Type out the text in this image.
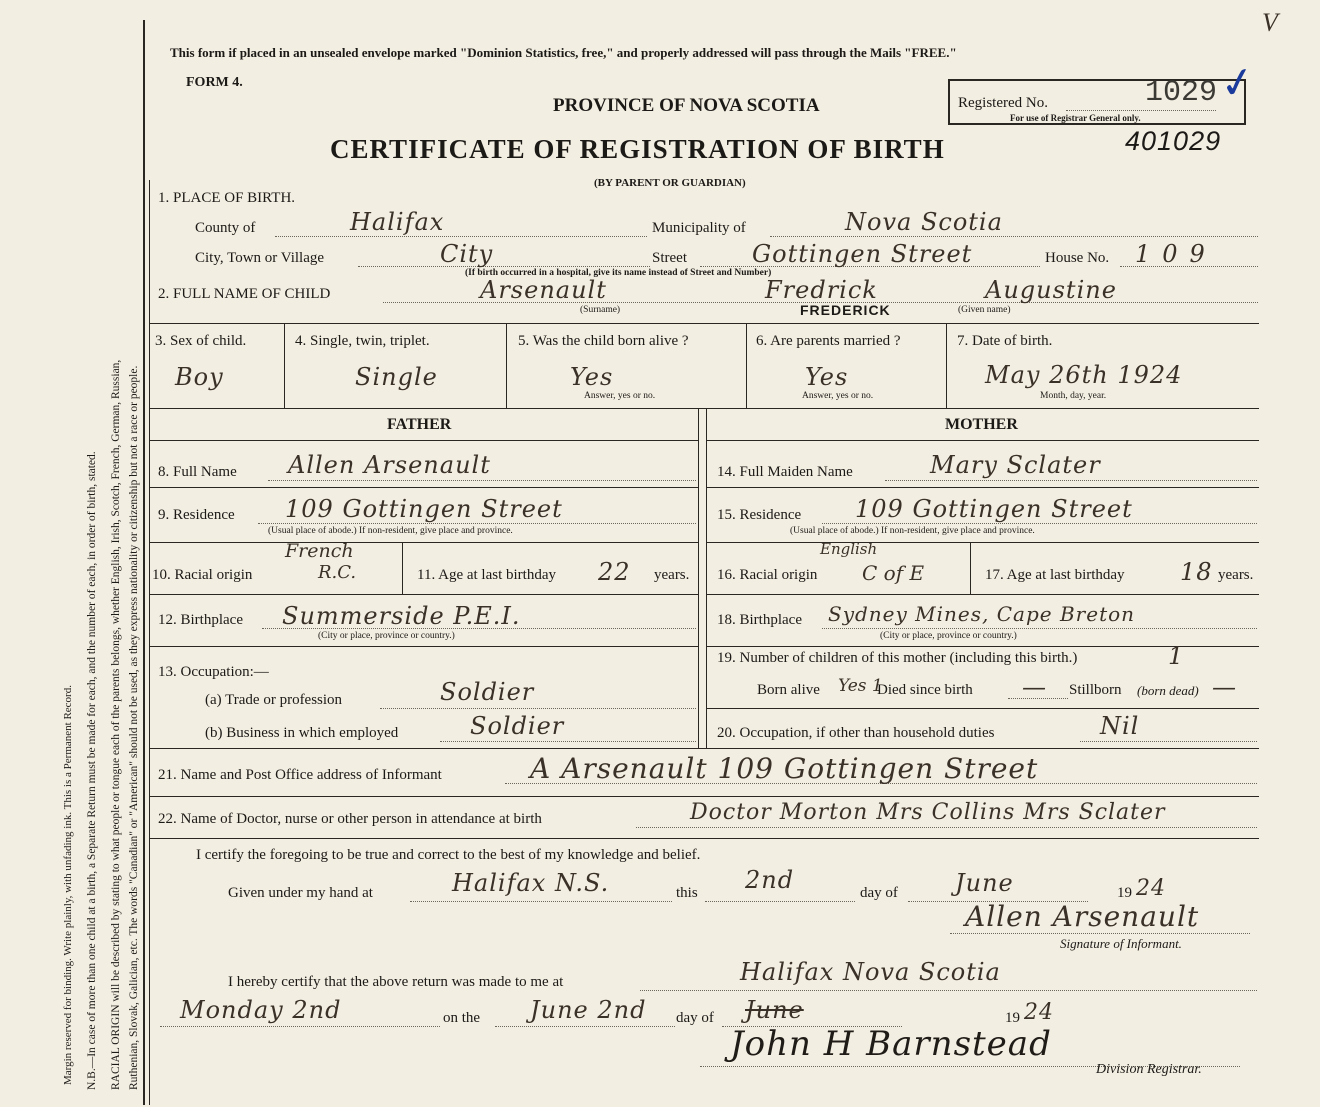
Margin reserved for binding. Write plainly, with unfading ink. This is a Permanent Record. N.B.—In case of more than one child at a birth, a Separate Return must be made for each, and the number of each, in order of birth, stated. RACIAL ORIGIN will be described by stating to what people or tongue each of the parents belongs, whether English, Irish, Scotch, French, German, Russian, Ruthenian, Slovak, Galician, etc. The words "Canadian" or "American" should not be used, as they express nationality or citizenship but not a race or people.
This form if placed in an unsealed envelope marked "Dominion Statistics, free," and properly addressed will pass through the Mails "FREE."
FORM 4.
PROVINCE OF NOVA SCOTIA
CERTIFICATE OF REGISTRATION OF BIRTH
(BY PARENT OR GUARDIAN)
Registered No.	1029
For use of Registrar General only.
401029
✓
V
1. PLACE OF BIRTH.
County of	Halifax	Municipality of	Nova Scotia
City, Town or Village	City	Street	Gottingen Street	House No. 109
(If birth occurred in a hospital, give its name instead of Street and Number)
2. FULL NAME OF CHILD	Arsenault
(Surname)
Fredrick
FREDERICK
Augustine
(Given name)
3. Sex of child.
Boy
4. Single, twin, triplet.
Single
5. Was the child born alive ?
Yes
Answer, yes or no.
6. Are parents married ?
Yes
Answer, yes or no.
7. Date of birth.
May 26th 1924
Month, day, year.
FATHER	MOTHER
8. Full Name Allen Arsenault
9. Residence 109 Gottingen Street
(Usual place of abode.) If non-resident, give place and province.
French
10. Racial origin	R.C.	11. Age at last birthday 22 years.
12. Birthplace Summerside P.E.I.
(City or place, province or country.)
13. Occupation:—
(a) Trade or profession	Soldier
(b) Business in which employed	Soldier
14. Full Maiden Name	Mary Sclater
15. Residence 109 Gottingen Street
(Usual place of abode.) If non-resident, give place and province.
English
16. Racial origin C of E	17. Age at last birthday 18 years.
18. Birthplace Sydney Mines, Cape Breton
(City or place, province or country.)
19. Number of children of this mother (including this birth.)	1
Born alive Yes 1
Died since birth — Stillborn (born dead) —
20. Occupation, if other than household duties	Nil
21. Name and Post Office address of Informant	A Arsenault 109 Gottingen Street
22. Name of Doctor, nurse or other person in attendance at birth	Doctor Morton Mrs Collins Mrs Sclater
I certify the foregoing to be true and correct to the best of my knowledge and belief.
Given under my hand at	Halifax N.S.	this 2nd	day of June	19 24
Allen Arsenault
Signature of Informant.
I hereby certify that the above return was made to me at	Halifax Nova Scotia
Monday 2nd	on the June 2nd day of June	19 24
John H Barnstead
Division Registrar.
